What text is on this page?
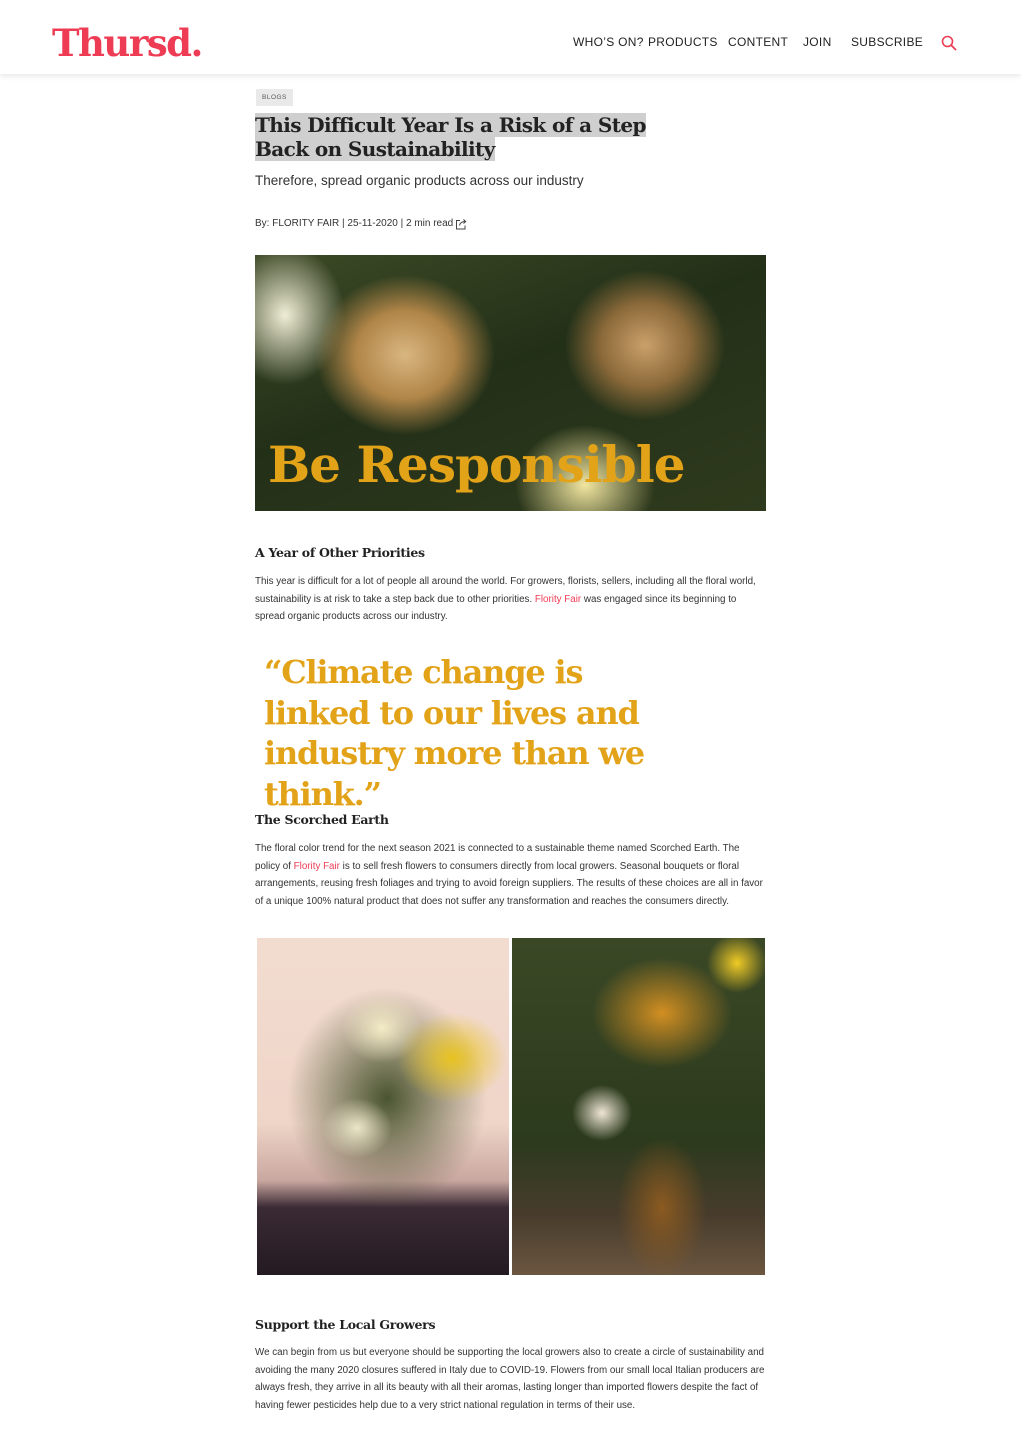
Thursd.	WHO’S ON? PRODUCTS CONTENT JOIN SUBSCRIBE
BLOGS
This Difficult Year Is a Risk of a Step Back on Sustainability
Therefore, spread organic products across our industry
By: FLORITY FAIR | 25-11-2020 | 2 min read
Be Responsible
A Year of Other Priorities

This year is difficult for a lot of people all around the world. For growers, florists, sellers, including all the floral world, sustainability is at risk to take a step back due to other priorities. Flority Fair was engaged since its beginning to spread organic products across our industry.

“Climate change is linked to our lives and industry more than we think.”
The Scorched Earth

The floral color trend for the next season 2021 is connected to a sustainable theme named Scorched Earth. The policy of Flority Fair is to sell fresh flowers to consumers directly from local growers. Seasonal bouquets or floral arrangements, reusing fresh foliages and trying to avoid foreign suppliers. The results of these choices are all in favor of a unique 100% natural product that does not suffer any transformation and reaches the consumers directly.

Support the Local Growers

We can begin from us but everyone should be supporting the local growers also to create a circle of sustainability and avoiding the many 2020 closures suffered in Italy due to COVID-19. Flowers from our small local Italian producers are always fresh, they arrive in all its beauty with all their aromas, lasting longer than imported flowers despite the fact of having fewer pesticides help due to a very strict national regulation in terms of their use.
